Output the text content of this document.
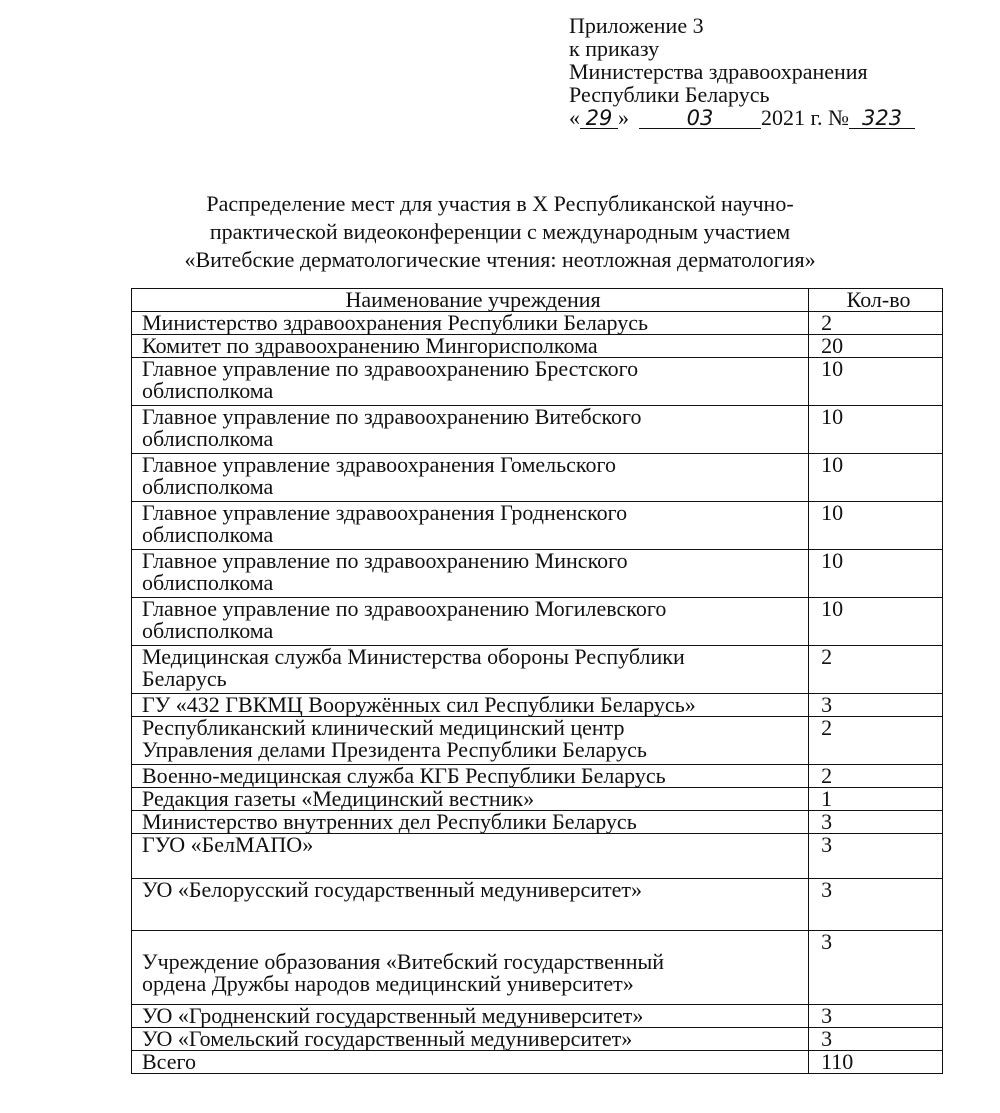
Приложение 3
к приказу
Министерства здравоохранения
Республики Беларусь
« 29 »	03 2021 г. № 323
Распределение мест для участия в X Республиканской научно-
практической видеоконференции с международным участием
«Витебские дерматологические чтения: неотложная дерматология»
Наименование учреждения	Кол-во

Министерство здравоохранения Республики Беларусь	2

Комитет по здравоохранению Мингорисполкома	20

Главное управление по здравоохранению Брестского
облисполкома	10

Главное управление по здравоохранению Витебского
облисполкома	10

Главное управление здравоохранения Гомельского
облисполкома	10

Главное управление здравоохранения Гродненского
облисполкома	10

Главное управление по здравоохранению Минского
облисполкома	10

Главное управление по здравоохранению Могилевского
облисполкома	10

Медицинская служба Министерства обороны Республики
Беларусь	2

ГУ «432 ГВКМЦ Вооружённых сил Республики Беларусь»	3

Республиканский клинический медицинский центр
Управления делами Президента Республики Беларусь	2

Военно-медицинская служба КГБ Республики Беларусь	2

Редакция газеты «Медицинский вестник»	1

Министерство внутренних дел Республики Беларусь	3

ГУО «БелМАПО»	3

УО «Белорусский государственный медуниверситет»	3

Учреждение образования «Витебский государственный
ордена Дружбы народов медицинский университет»	3

УО «Гродненский государственный медуниверситет»	3

УО «Гомельский государственный медуниверситет»	3
Всего	110
